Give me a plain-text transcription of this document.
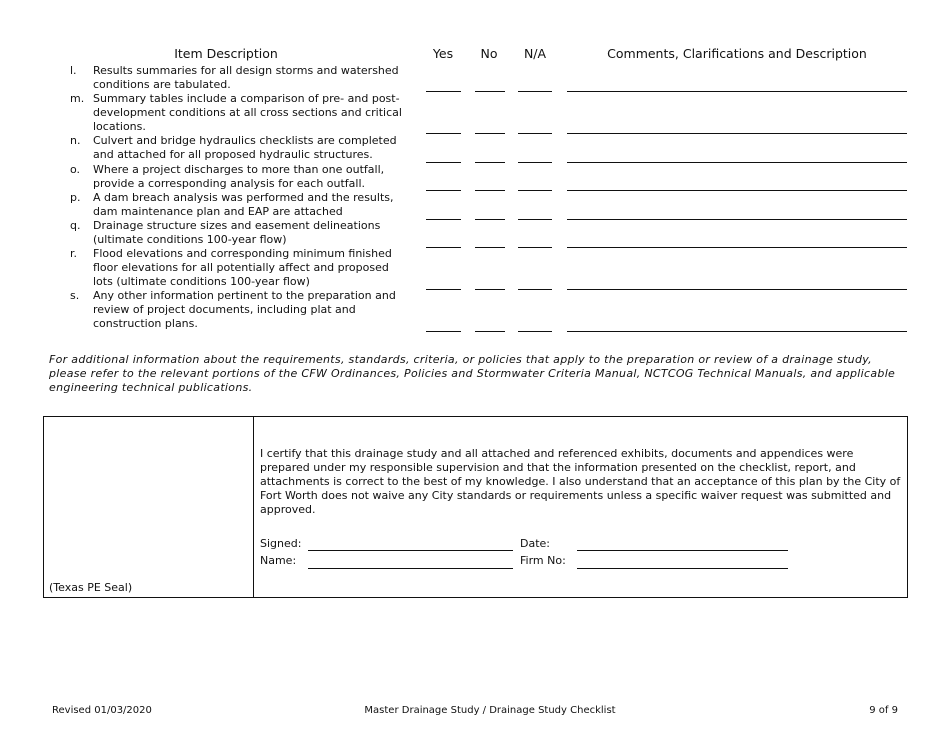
Item Description	Yes	No	N/A	Comments, Clarifications and Description
l. Results summaries for all design storms and watershed conditions are tabulated.
m. Summary tables include a comparison of pre- and post-development conditions at all cross sections and critical locations.
n. Culvert and bridge hydraulics checklists are completed and attached for all proposed hydraulic structures.
o. Where a project discharges to more than one outfall, provide a corresponding analysis for each outfall.
p. A dam breach analysis was performed and the results, dam maintenance plan and EAP are attached
q. Drainage structure sizes and easement delineations (ultimate conditions 100-year flow)
r. Flood elevations and corresponding minimum finished floor elevations for all potentially affect and proposed lots (ultimate conditions 100-year flow)
s. Any other information pertinent to the preparation and review of project documents, including plat and construction plans.
For additional information about the requirements, standards, criteria, or policies that apply to the preparation or review of a drainage study, please refer to the relevant portions of the CFW Ordinances, Policies and Stormwater Criteria Manual, NCTCOG Technical Manuals, and applicable engineering technical publications.
(Texas PE Seal)
I certify that this drainage study and all attached and referenced exhibits, documents and appendices were prepared under my responsible supervision and that the information presented on the checklist, report, and attachments is correct to the best of my knowledge. I also understand that an acceptance of this plan by the City of Fort Worth does not waive any City standards or requirements unless a specific waiver request was submitted and approved.
Signed:	Date:
Name:	Firm No:
Revised 01/03/2020	Master Drainage Study / Drainage Study Checklist	9 of 9
